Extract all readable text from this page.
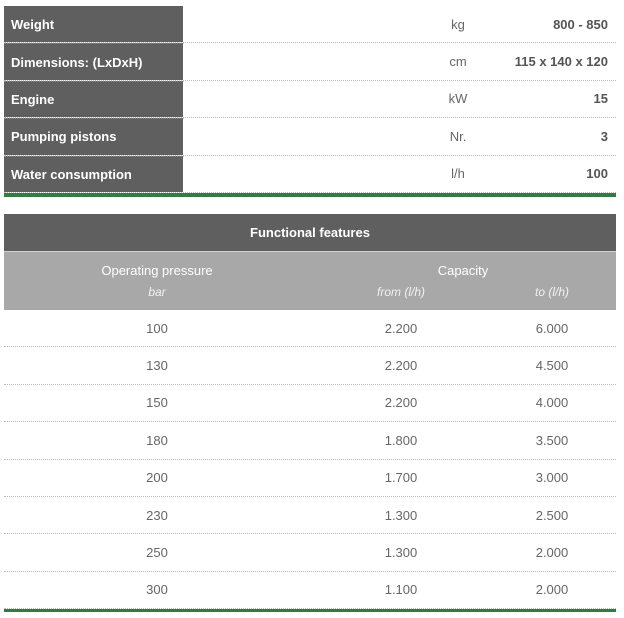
Weight	kg	800 - 850
Dimensions: (LxDxH)	cm	115 x 140 x 120
Engine	kW	15
Pumping pistons	Nr.	3
Water consumption	l/h	100
Functional features
Operating pressure
bar
Capacity
from (l/h)	to (l/h)
100	2.200	6.000
130	2.200	4.500
150	2.200	4.000
180	1.800	3.500
200	1.700	3.000
230	1.300	2.500
250	1.300	2.000
300	1.100	2.000
